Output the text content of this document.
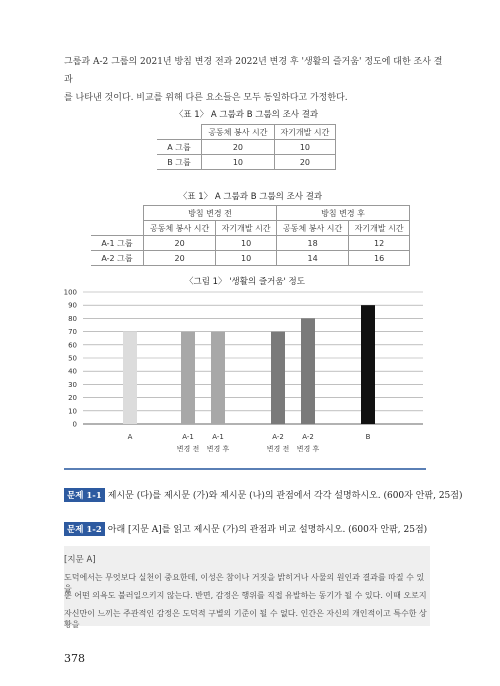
그룹과 A-2 그룹의 2021년 방침 변경 전과 2022년 변경 후 '생활의 즐거움' 정도에 대한 조사 결과
를 나타낸 것이다. 비교를 위해 다른 요소들은 모두 동일하다고 가정한다.
〈표 1〉 A 그룹과 B 그룹의 조사 결과
	공동체 봉사 시간	자기개발 시간
A 그룹	20	10
B 그룹	10	20
〈표 1〉 A 그룹과 B 그룹의 조사 결과
	방침 변경 전		방침 변경 후	
	공동체 봉사 시간	자기개발 시간	공동체 봉사 시간	자기개발 시간
A-1 그룹	20	10	18	12
A-2 그룹	20	10	14	16
〈그림 1〉 '생활의 즐거움' 정도
0
10
20
30
40
50
60
70
80
90
100
A	A-1
변경 전
A-1
변경 후
A-2
변경 전
A-2
변경 후
B
문제 1-1 제시문 (다)를 제시문 (가)와 제시문 (나)의 관점에서 각각 설명하시오. (600자 안팎, 25점)
문제 1-2 아래 [지문 A]를 읽고 제시문 (가)의 관점과 비교 설명하시오. (600자 안팎, 25점)
[지문 A]
도덕에서는 무엇보다 실천이 중요한데, 이성은 참이나 거짓을 밝히거나 사물의 원인과 결과를 따질 수 있을
뿐 어떤 의욕도 불러일으키지 않는다. 반면, 감정은 행위를 직접 유발하는 동기가 될 수 있다. 이때 오로지
자신만이 느끼는 주관적인 감정은 도덕적 구별의 기준이 될 수 없다. 인간은 자신의 개인적이고 특수한 상황을
378
